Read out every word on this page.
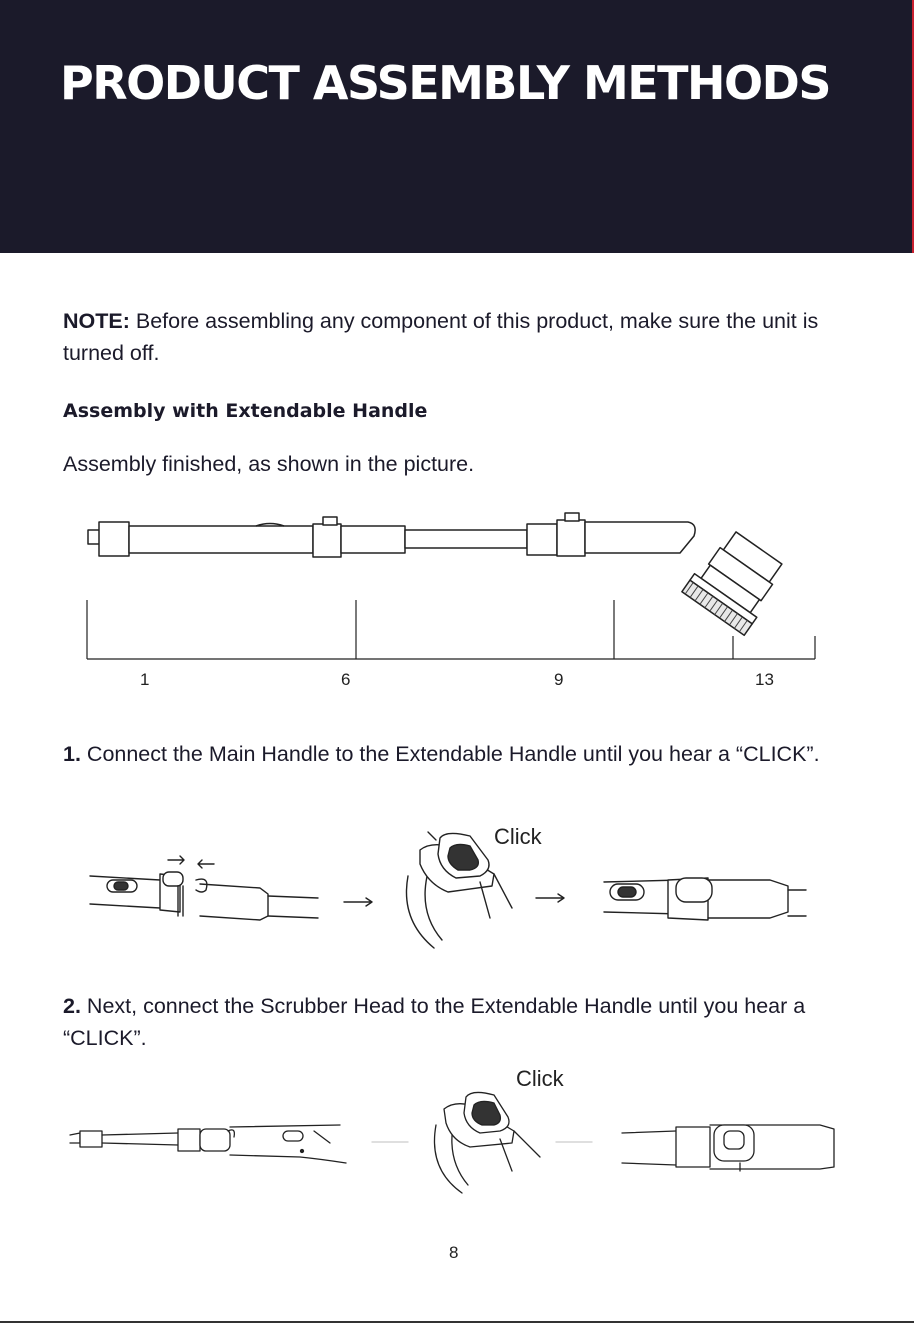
PRODUCT ASSEMBLY METHODS

NOTE: Before assembling any component of this product, make sure the unit is turned off.

Assembly with Extendable Handle

Assembly finished, as shown in the picture.

1	6	9	13

1. Connect the Main Handle to the Extendable Handle until you hear a “CLICK”.

Click

2. Next, connect the Scrubber Head to the Extendable Handle until you hear a “CLICK”.

Click
8
